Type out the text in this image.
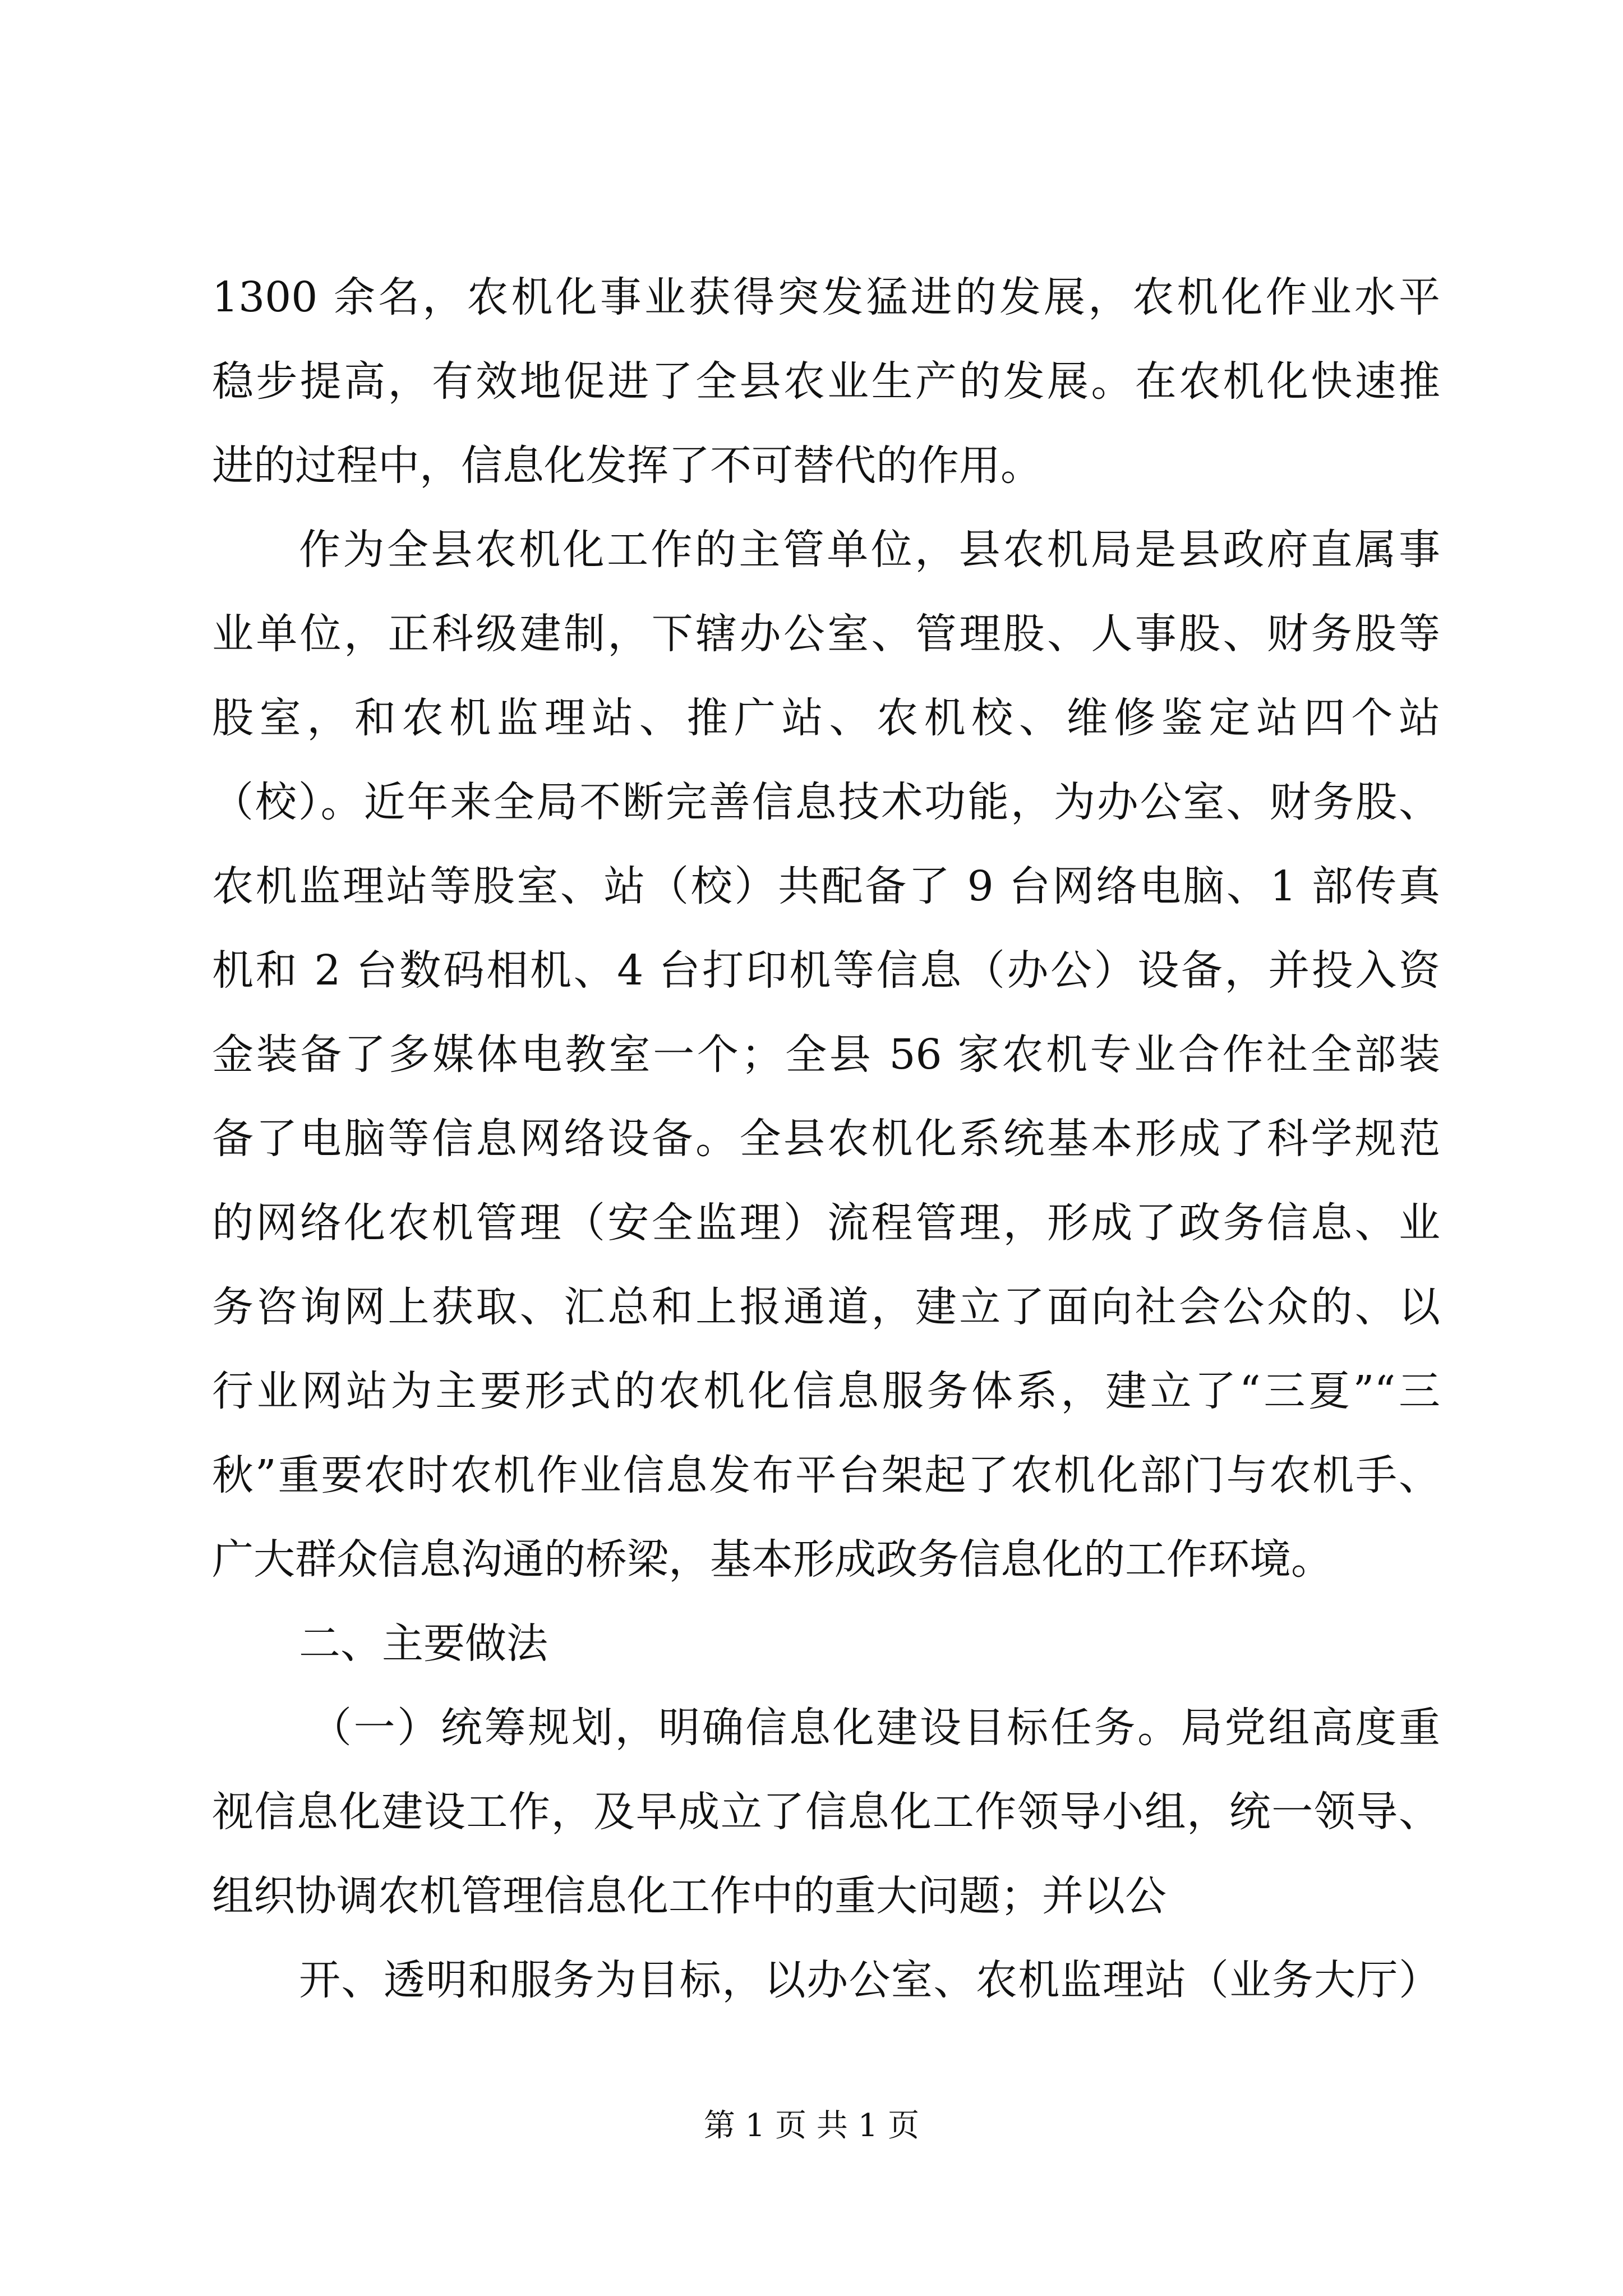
1300 余名，农机化事业获得突发猛进的发展，农机化作业水平
稳步提高，有效地促进了全县农业生产的发展。在农机化快速推
进的过程中，信息化发挥了不可替代的作用。
作为全县农机化工作的主管单位，县农机局是县政府直属事
业单位，正科级建制，下辖办公室、管理股、人事股、财务股等
股室，和农机监理站、推广站、农机校、维修鉴定站四个站
（校）。近年来全局不断完善信息技术功能，为办公室、财务股、
农机监理站等股室、站（校）共配备了 9 台网络电脑、1 部传真
机和 2 台数码相机、4 台打印机等信息（办公）设备，并投入资
金装备了多媒体电教室一个；全县 56 家农机专业合作社全部装
备了电脑等信息网络设备。全县农机化系统基本形成了科学规范
的网络化农机管理（安全监理）流程管理，形成了政务信息、业
务咨询网上获取、汇总和上报通道，建立了面向社会公众的、以
行业网站为主要形式的农机化信息服务体系，建立了“三夏”“三
秋”重要农时农机作业信息发布平台架起了农机化部门与农机手、
广大群众信息沟通的桥梁，基本形成政务信息化的工作环境。
二、主要做法
（一）统筹规划，明确信息化建设目标任务。局党组高度重
视信息化建设工作，及早成立了信息化工作领导小组，统一领导、
组织协调农机管理信息化工作中的重大问题；并以公
开、透明和服务为目标，以办公室、农机监理站（业务大厅）
第 1 页 共 1 页
